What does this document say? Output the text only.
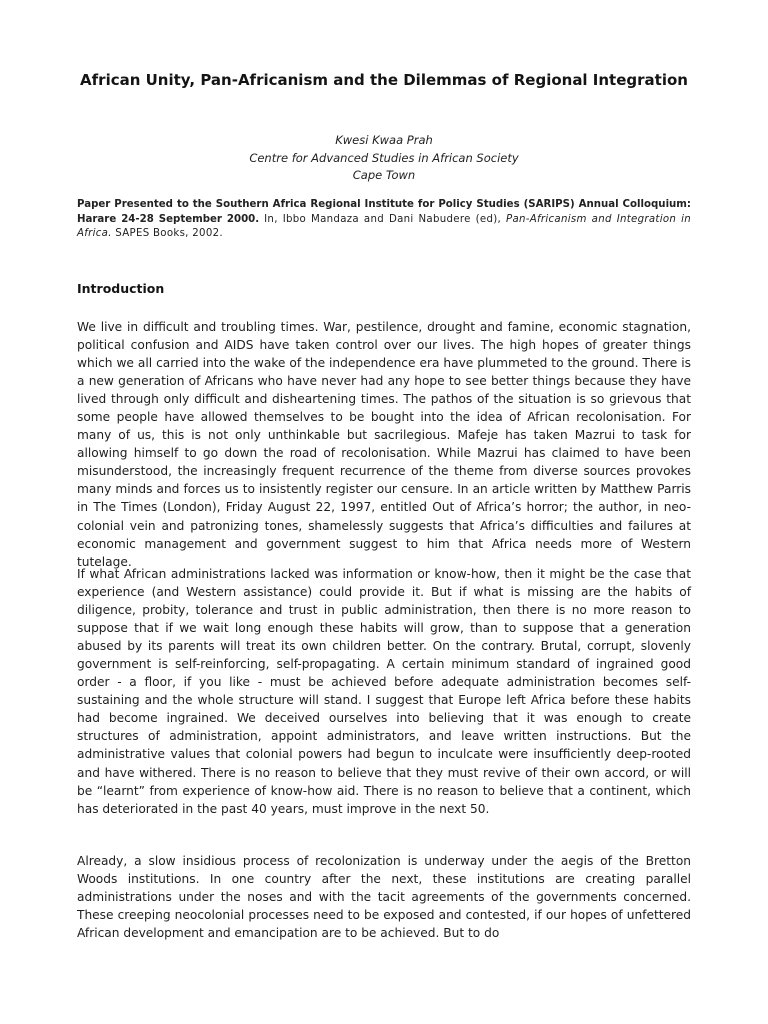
African Unity, Pan-Africanism and the Dilemmas of Regional Integration
Kwesi Kwaa Prah
Centre for Advanced Studies in African Society
Cape Town
Paper Presented to the Southern Africa Regional Institute for Policy Studies (SARIPS) Annual Colloquium: Harare 24-28 September 2000. In, Ibbo Mandaza and Dani Nabudere (ed), Pan-Africanism and Integration in Africa. SAPES Books, 2002.
Introduction

We live in difficult and troubling times. War, pestilence, drought and famine, economic stagnation, political confusion and AIDS have taken control over our lives. The high hopes of greater things which we all carried into the wake of the independence era have plummeted to the ground. There is a new generation of Africans who have never had any hope to see better things because they have lived through only difficult and disheartening times. The pathos of the situation is so grievous that some people have allowed themselves to be bought into the idea of African recolonisation. For many of us, this is not only unthinkable but sacrilegious. Mafeje has taken Mazrui to task for allowing himself to go down the road of recolonisation. While Mazrui has claimed to have been misunderstood, the increasingly frequent recurrence of the theme from diverse sources provokes many minds and forces us to insistently register our censure. In an article written by Matthew Parris in The Times (London), Friday August 22, 1997, entitled Out of Africa’s horror; the author, in neo-colonial vein and patronizing tones, shamelessly suggests that Africa’s difficulties and failures at economic management and government suggest to him that Africa needs more of Western tutelage.

If what African administrations lacked was information or know-how, then it might be the case that experience (and Western assistance) could provide it. But if what is missing are the habits of diligence, probity, tolerance and trust in public administration, then there is no more reason to suppose that if we wait long enough these habits will grow, than to suppose that a generation abused by its parents will treat its own children better. On the contrary. Brutal, corrupt, slovenly government is self-reinforcing, self-propagating. A certain minimum standard of ingrained good order - a floor, if you like - must be achieved before adequate administration becomes self-sustaining and the whole structure will stand. I suggest that Europe left Africa before these habits had become ingrained. We deceived ourselves into believing that it was enough to create structures of administration, appoint administrators, and leave written instructions. But the administrative values that colonial powers had begun to inculcate were insufficiently deep-rooted and have withered. There is no reason to believe that they must revive of their own accord, or will be “learnt” from experience of know-how aid. There is no reason to believe that a continent, which has deteriorated in the past 40 years, must improve in the next 50.

Already, a slow insidious process of recolonization is underway under the aegis of the Bretton Woods institutions. In one country after the next, these institutions are creating parallel administrations under the noses and with the tacit agreements of the governments concerned. These creeping neocolonial processes need to be exposed and contested, if our hopes of unfettered African development and emancipation are to be achieved. But to do
